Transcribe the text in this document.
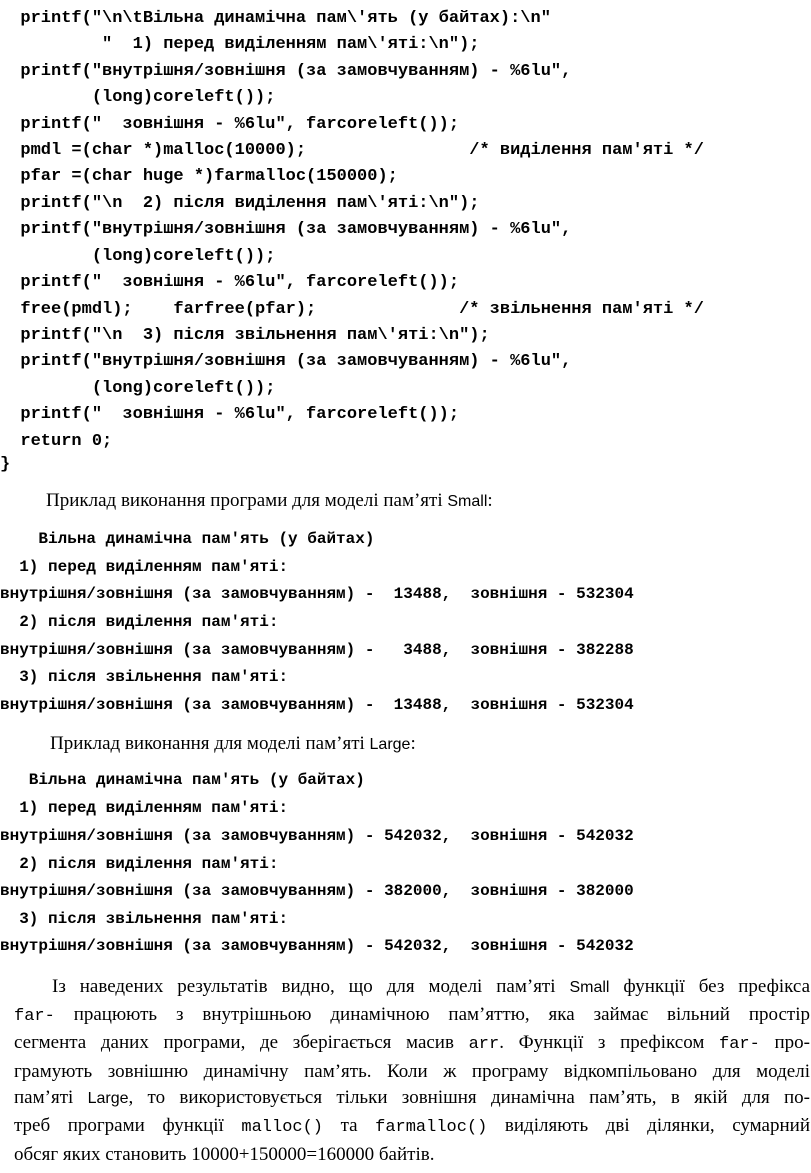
printf("\n\tВільна динамічна пам\'ять (у байтах):\n"
"  1) перед виділенням пам\'яті:\n");
printf("внутрішня/зовнішня (за замовчуванням) - %6lu",
(long)coreleft());
printf("  зовнішня - %6lu", farcoreleft());
pmdl =(char *)malloc(10000);                /* виділення пам'яті */
pfar =(char huge *)farmalloc(150000);
printf("\n  2) після виділення пам\'яті:\n");
printf("внутрішня/зовнішня (за замовчуванням) - %6lu",
(long)coreleft());
printf("  зовнішня - %6lu", farcoreleft());
free(pmdl);    farfree(pfar);              /* звільнення пам'яті */
printf("\n  3) після звільнення пам\'яті:\n");
printf("внутрішня/зовнішня (за замовчуванням) - %6lu",
(long)coreleft());
printf("  зовнішня - %6lu", farcoreleft());
return 0;
}
Приклад виконання програми для моделі пам’яті Small:
Вільна динамічна пам'ять (у байтах)
1) перед виділенням пам'яті:
внутрішня/зовнішня (за замовчуванням) -  13488,  зовнішня - 532304
2) після виділення пам'яті:
внутрішня/зовнішня (за замовчуванням) -   3488,  зовнішня - 382288
3) після звільнення пам'яті:
внутрішня/зовнішня (за замовчуванням) -  13488,  зовнішня - 532304
Приклад виконання для моделі пам’яті Large:
Вільна динамічна пам'ять (у байтах)
1) перед виділенням пам'яті:
внутрішня/зовнішня (за замовчуванням) - 542032,  зовнішня - 542032
2) після виділення пам'яті:
внутрішня/зовнішня (за замовчуванням) - 382000,  зовнішня - 382000
3) після звільнення пам'яті:
внутрішня/зовнішня (за замовчуванням) - 542032,  зовнішня - 542032
Із наведених результатів видно, що для моделі пам’яті Small функції без префікса
far- працюють з внутрішньою динамічною пам’яттю, яка займає вільний простір
сегмента даних програми, де зберігається масив arr. Функції з префіксом far- про-
грамують зовнішню динамічну пам’ять. Коли ж програму відкомпільовано для моделі
пам’яті Large, то використовується тільки зовнішня динамічна пам’ять, в якій для по-
треб програми функції malloc() та farmalloc() виділяють дві ділянки, сумарний
обсяг яких становить 10000+150000=160000 байтів.
